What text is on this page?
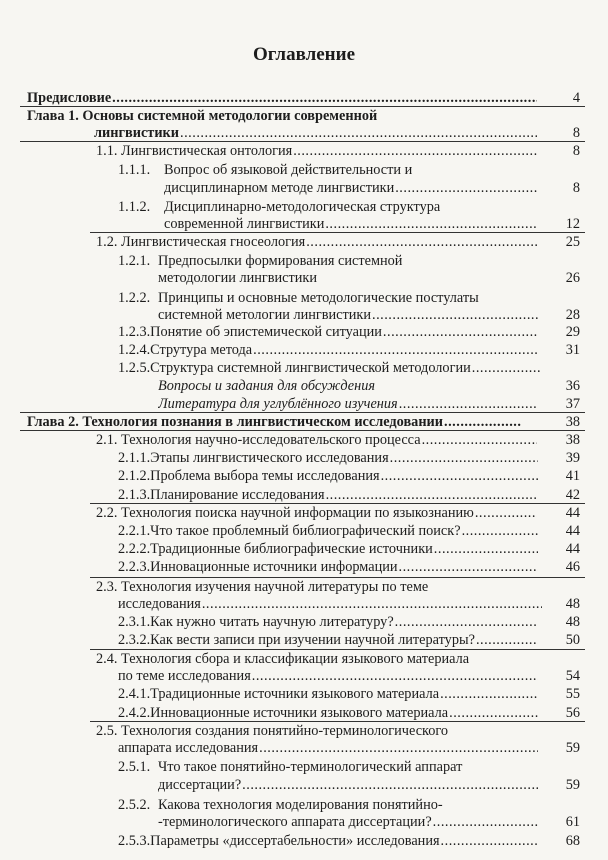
Оглавление
Предисловие .....	4
Глава 1. Основы системной методологии современной
лингвистики .....	8
1.1.
Лингвистическая онтология .....	8
1.1.1. Вопрос об языковой действительности и
дисциплинарном методе лингвистики .....	8
1.1.2. Дисциплинарно-методологическая структура
современной лингвистики .....	12
1.2.
Лингвистическая гносеология .....	25
1.2.1. Предпосылки формирования системной
методологии лингвистики	26
1.2.2. Принципы и основные методологические постулаты
системной метологии лингвистики .....	28
1.2.3. Понятие об эпистемической ситуации .....	29
1.2.4. Струтура метода .....	31
1.2.5. Структура системной лингвистической методологии
.....
Вопросы и задания для обсуждения	36
Литература для углублённого изучения .....	37
Глава 2. Технология познания в лингвистическом исследовании .....	38
2.1.
Технология научно-исследовательского процесса .....	38
2.1.1. Этапы лингвистического исследования .....	39
2.1.2. Проблема выбора темы исследования .....	41
2.1.3. Планирование исследования .....	42
2.2.
Технология поиска научной информации по языкознанию .....	44
2.2.1. Что такое проблемный библиографический поиск? .....	44
2.2.2. Традиционные библиографические источники .....	44
2.2.3. Инновационные источники информации .....	46
2.3.
Технология изучения научной литературы по теме
исследования .....	48
2.3.1. Как нужно читать научную литературу? .....	48
2.3.2. Как вести записи при изучении научной литературы? .....	50
2.4.
Технология сбора и классификации языкового материала
по теме исследования .....	54
2.4.1. Традиционные источники языкового материала .....	55
2.4.2. Инновационные источники языкового материала .....	56
2.5.
Технология создания понятийно-терминологического
аппарата исследования .....	59
2.5.1. Что такое понятийно-терминологический аппарат
диссертации? .....	59
2.5.2. Какова технология моделирования понятийно-
-терминологического аппарата диссертации? .....	61
2.5.3. Параметры «диссертабельности» исследования .....	68
